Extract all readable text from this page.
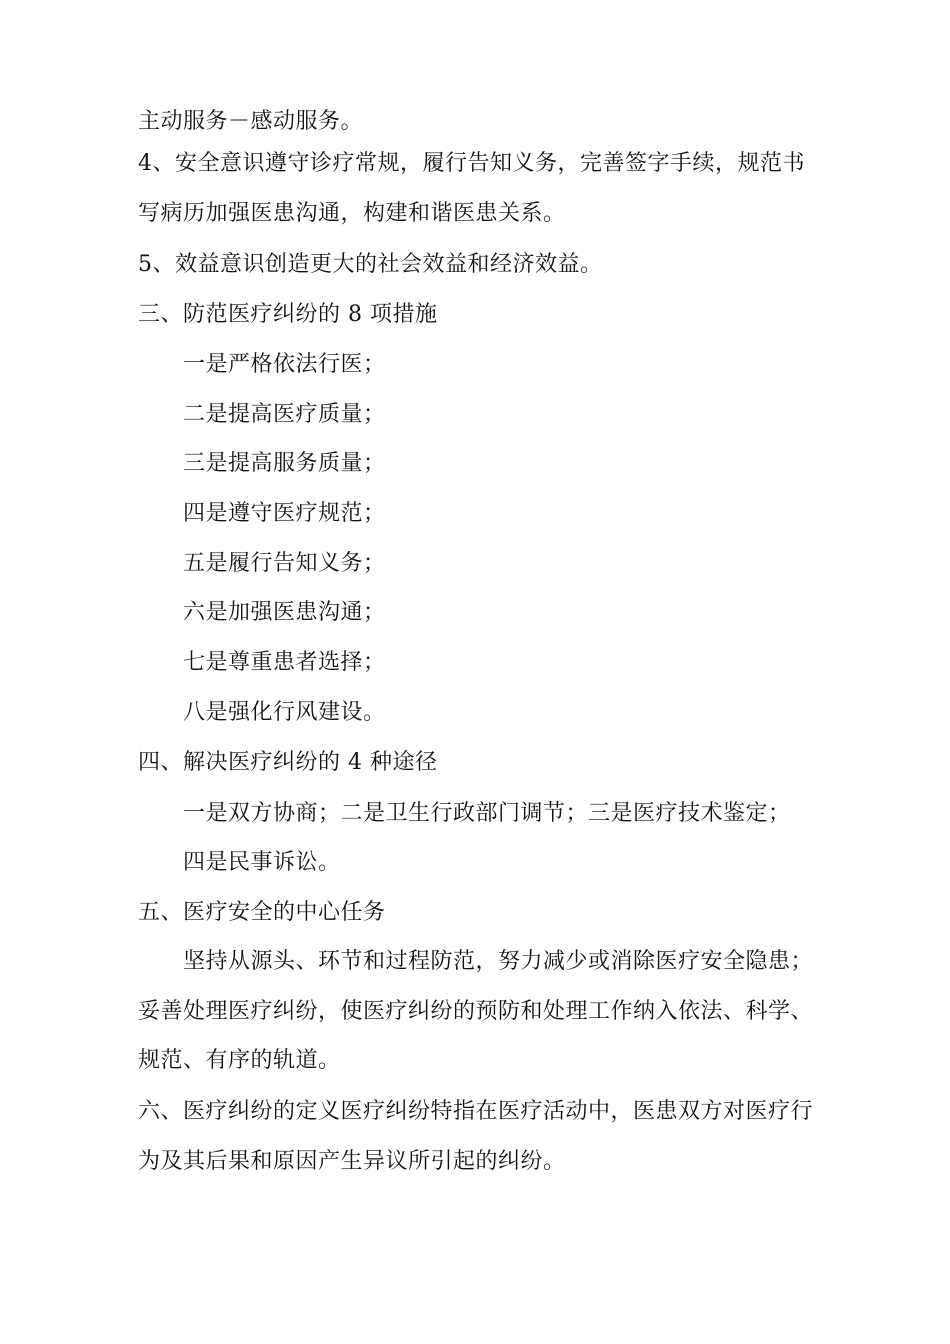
主动服务－感动服务。
4、安全意识遵守诊疗常规，履行告知义务，完善签字手续，规范书
写病历加强医患沟通，构建和谐医患关系。
5、效益意识创造更大的社会效益和经济效益。
三、防范医疗纠纷的 8 项措施
一是严格依法行医；
二是提高医疗质量；
三是提高服务质量；
四是遵守医疗规范；
五是履行告知义务；
六是加强医患沟通；
七是尊重患者选择；
八是强化行风建设。
四、解决医疗纠纷的 4 种途径
一是双方协商；二是卫生行政部门调节；三是医疗技术鉴定；
四是民事诉讼。
五、医疗安全的中心任务
坚持从源头、环节和过程防范，努力减少或消除医疗安全隐患；
妥善处理医疗纠纷，使医疗纠纷的预防和处理工作纳入依法、科学、
规范、有序的轨道。
六、医疗纠纷的定义医疗纠纷特指在医疗活动中，医患双方对医疗行
为及其后果和原因产生异议所引起的纠纷。
